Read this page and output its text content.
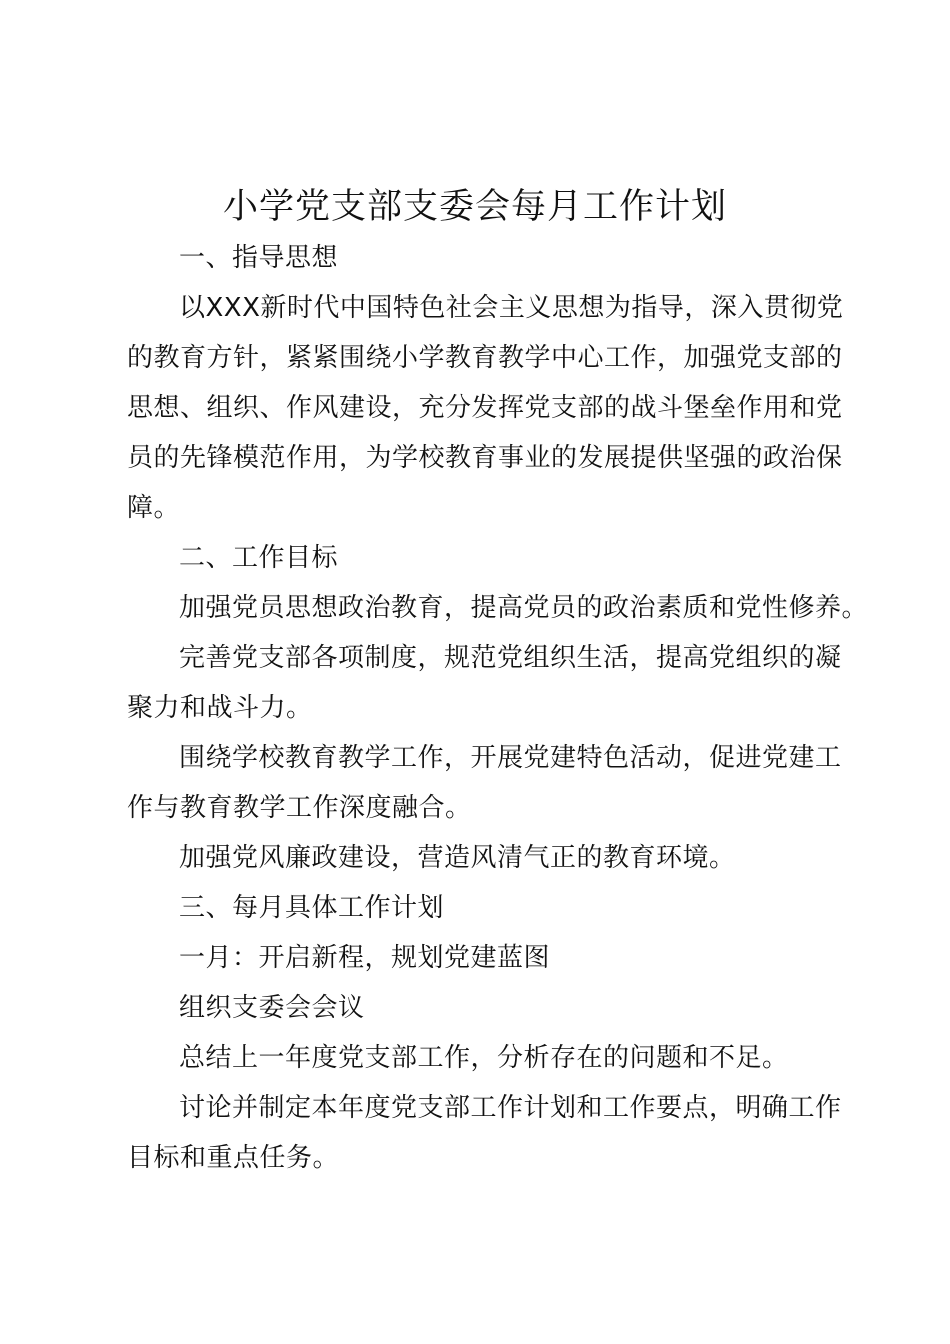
小学党支部支委会每月工作计划
一、指导思想
以XXX新时代中国特色社会主义思想为指导，深入贯彻党
的教育方针，紧紧围绕小学教育教学中心工作，加强党支部的
思想、组织、作风建设，充分发挥党支部的战斗堡垒作用和党
员的先锋模范作用，为学校教育事业的发展提供坚强的政治保
障。
二、工作目标
加强党员思想政治教育，提高党员的政治素质和党性修养。
完善党支部各项制度，规范党组织生活，提高党组织的凝
聚力和战斗力。
围绕学校教育教学工作，开展党建特色活动，促进党建工
作与教育教学工作深度融合。
加强党风廉政建设，营造风清气正的教育环境。
三、每月具体工作计划
一月：开启新程，规划党建蓝图
组织支委会会议
总结上一年度党支部工作，分析存在的问题和不足。
讨论并制定本年度党支部工作计划和工作要点，明确工作
目标和重点任务。
